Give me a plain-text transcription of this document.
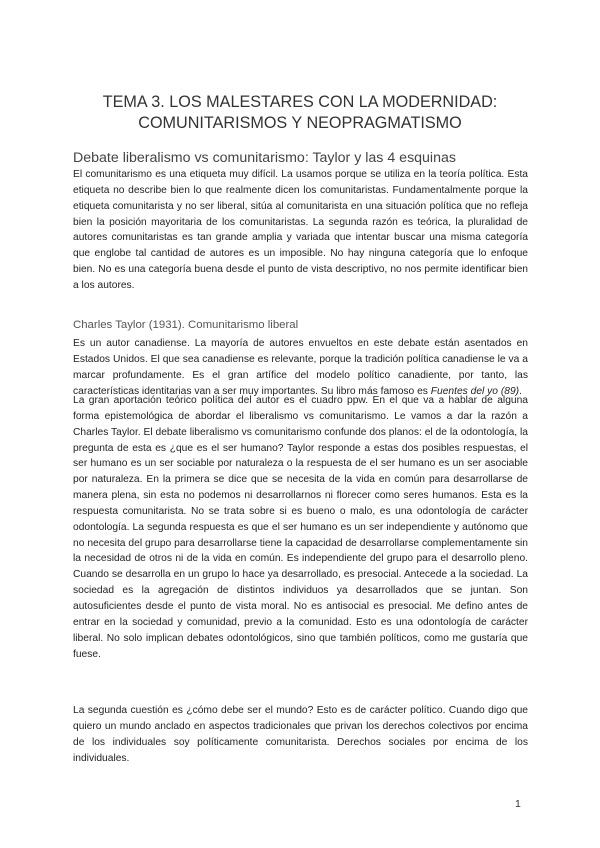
TEMA 3. LOS MALESTARES CON LA MODERNIDAD:
COMUNITARISMOS Y NEOPRAGMATISMO
Debate liberalismo vs comunitarismo: Taylor y las 4 esquinas
El comunitarismo es una etiqueta muy difícil. La usamos porque se utiliza en la teoría política. Esta etiqueta no describe bien lo que realmente dicen los comunitaristas. Fundamentalmente porque la etiqueta comunitarista y no ser liberal, sitúa al comunitarista en una situación política que no refleja bien la posición mayoritaria de los comunitaristas. La segunda razón es teórica, la pluralidad de autores comunitaristas es tan grande amplia y variada que intentar buscar una misma categoría que englobe tal cantidad de autores es un imposible. No hay ninguna categoría que lo enfoque bien. No es una categoría buena desde el punto de vista descriptivo, no nos permite identificar bien a los autores.
Charles Taylor (1931). Comunitarismo liberal
Es un autor canadiense. La mayoría de autores envueltos en este debate están asentados en Estados Unidos. El que sea canadiense es relevante, porque la tradición política canadiense le va a marcar profundamente. Es el gran artífice del modelo político canadiente, por tanto, las características identitarias van a ser muy importantes. Su libro más famoso es Fuentes del yo (89).
La gran aportación teórico política del autor es el cuadro ppw. En el que va a hablar de alguna forma epistemológica de abordar el liberalismo vs comunitarismo. Le vamos a dar la razón a Charles Taylor. El debate liberalismo vs comunitarismo confunde dos planos: el de la odontología, la pregunta de esta es ¿que es el ser humano? Taylor responde a estas dos posibles respuestas, el ser humano es un ser sociable por naturaleza o la respuesta de el ser humano es un ser asociable por naturaleza. En la primera se dice que se necesita de la vida en común para desarrollarse de manera plena, sin esta no podemos ni desarrollarnos ni florecer como seres humanos. Esta es la respuesta comunitarista. No se trata sobre si es bueno o malo, es una odontología de carácter odontología. La segunda respuesta es que el ser humano es un ser independiente y autónomo que no necesita del grupo para desarrollarse tiene la capacidad de desarrollarse complementamente sin la necesidad de otros ni de la vida en común. Es independiente del grupo para el desarrollo pleno. Cuando se desarrolla en un grupo lo hace ya desarrollado, es presocial. Antecede a la sociedad. La sociedad es la agregación de distintos individuos ya desarrollados que se juntan. Son autosuficientes desde el punto de vista moral. No es antisocial es presocial. Me defino antes de entrar en la sociedad y comunidad, previo a la comunidad. Esto es una odontología de carácter liberal. No solo implican debates odontológicos, sino que también políticos, como me gustaría que fuese.
La segunda cuestión es ¿cómo debe ser el mundo? Esto es de carácter político. Cuando digo que quiero un mundo anclado en aspectos tradicionales que privan los derechos colectivos por encima de los individuales soy políticamente comunitarista. Derechos sociales por encima de los individuales.
1
